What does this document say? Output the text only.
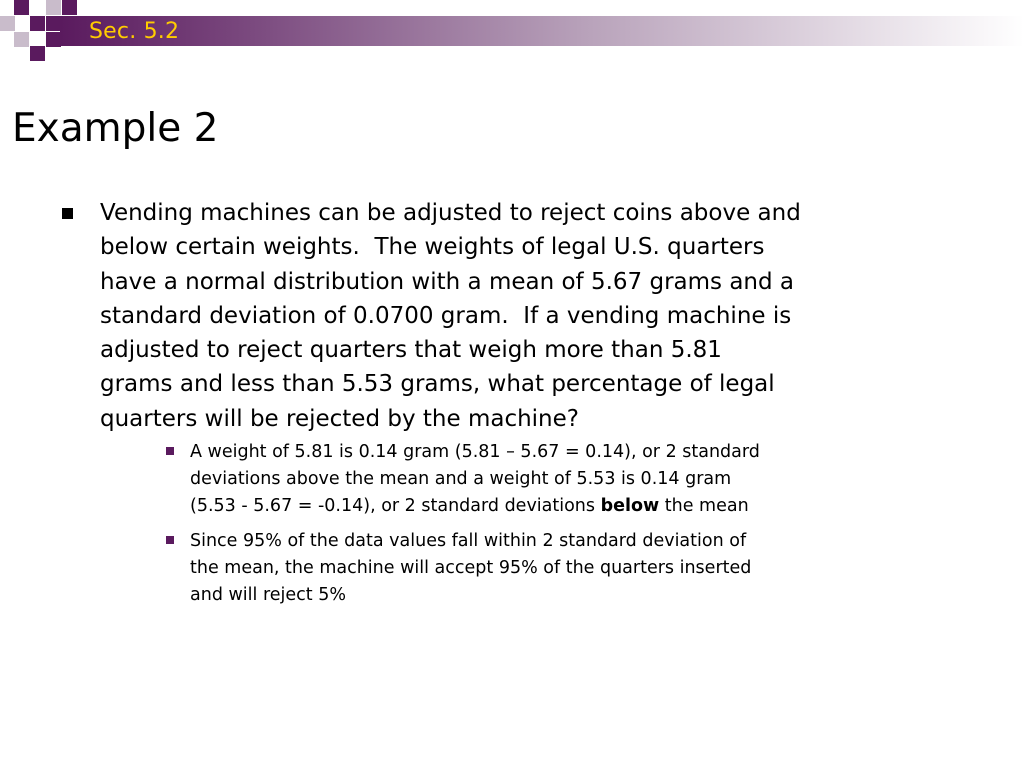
Sec. 5.2
Example 2
Vending machines can be adjusted to reject coins above and
below certain weights.  The weights of legal U.S. quarters
have a normal distribution with a mean of 5.67 grams and a
standard deviation of 0.0700 gram.  If a vending machine is
adjusted to reject quarters that weigh more than 5.81
grams and less than 5.53 grams, what percentage of legal
quarters will be rejected by the machine?
A weight of 5.81 is 0.14 gram (5.81 – 5.67 = 0.14), or 2 standard
deviations above the mean and a weight of 5.53 is 0.14 gram
(5.53 - 5.67 = -0.14), or 2 standard deviations below the mean
Since 95% of the data values fall within 2 standard deviation of
the mean, the machine will accept 95% of the quarters inserted
and will reject 5%
